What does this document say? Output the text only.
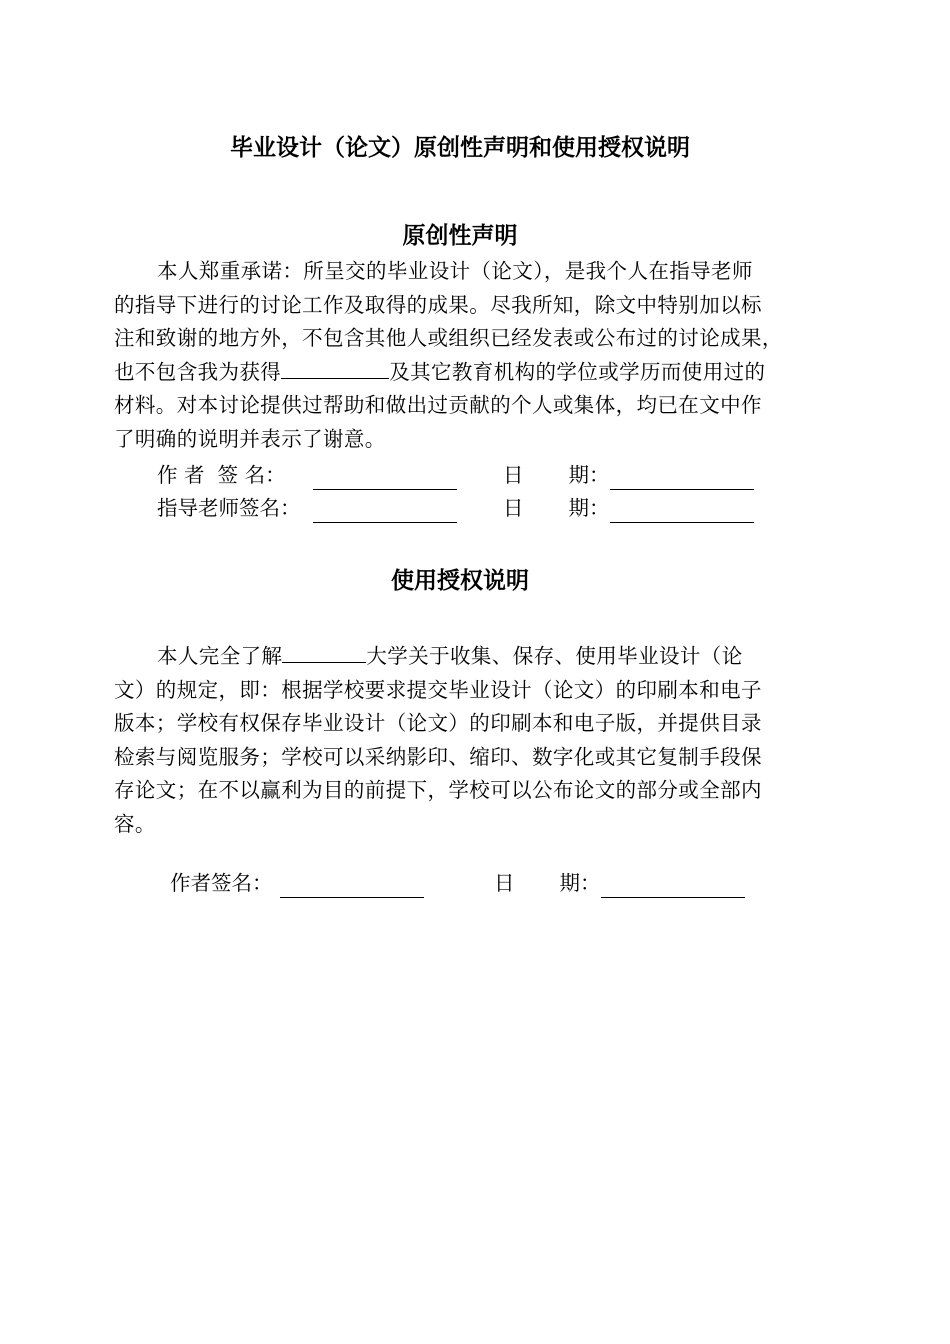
毕业设计（论文）原创性声明和使用授权说明
原创性声明
本人郑重承诺：所呈交的毕业设计（论文），是我个人在指导老师
的指导下进行的讨论工作及取得的成果。尽我所知，除文中特别加以标
注和致谢的地方外，不包含其他人或组织已经发表或公布过的讨论成果，
也不包含我为获得	及其它教育机构的学位或学历而使用过的
材料。对本讨论提供过帮助和做出过贡献的个人或集体，均已在文中作
了明确的说明并表示了谢意。
作 者  签 名：	日 期：
指导老师签名：	日 期：
使用授权说明
本人完全了解	大学关于收集、保存、使用毕业设计（论
文）的规定，即：根据学校要求提交毕业设计（论文）的印刷本和电子
版本；学校有权保存毕业设计（论文）的印刷本和电子版，并提供目录
检索与阅览服务；学校可以采纳影印、缩印、数字化或其它复制手段保
存论文；在不以赢利为目的前提下，学校可以公布论文的部分或全部内
容。
作者签名：	日 期：
